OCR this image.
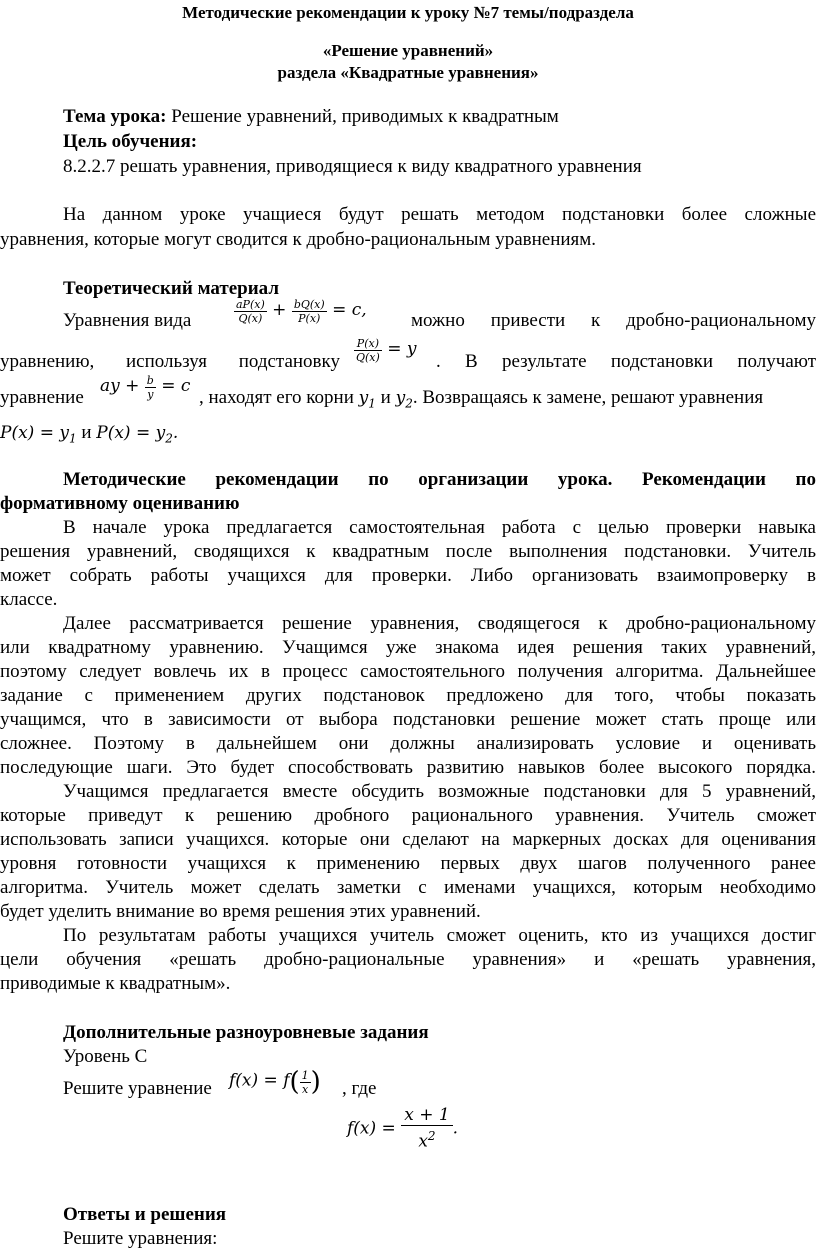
Методические рекомендации к уроку №7 темы/подраздела
«Решение уравнений»
раздела «Квадратные уравнения»
Тема урока: Решение уравнений, приводимых к квадратным
Цель обучения:
8.2.2.7 решать уравнения, приводящиеся к виду квадратного уравнения
На данном уроке учащиеся будут решать методом подстановки более сложные
уравнения, которые могут сводится к дробно-рациональным уравнениям.
Теоретический материал
Уравнения вида	$\frac{aP(x)}{Q(x)} + \frac{bQ(x)}{P(x)} = c$, можно привести к дробно-рациональному
уравнению, используя подстановку $\frac{P(x)}{Q(x)} = y$
. В результате подстановки получают
уравнение
ay + $\frac{b}{y} = c$
, находят его корни $y_1$ и $y_2$. Возвращаясь к замене, решают уравнения
$P(x) = y_1$ и $P(x) = y_2$.
Методические рекомендации по организации урока. Рекомендации по
формативному оцениванию
В начале урока предлагается самостоятельная работа с целью проверки навыка
решения уравнений, сводящихся к квадратным после выполнения подстановки. Учитель
может собрать работы учащихся для проверки. Либо организовать взаимопроверку в
классе.
Далее рассматривается решение уравнения, сводящегося к дробно-рациональному
или квадратному уравнению. Учащимся уже знакома идея решения таких уравнений,
поэтому следует вовлечь их в процесс самостоятельного получения алгоритма. Дальнейшее
задание с применением других подстановок предложено для того, чтобы показать
учащимся, что в зависимости от выбора подстановки решение может стать проще или
сложнее. Поэтому в дальнейшем они должны анализировать условие и оценивать
последующие шаги. Это будет способствовать развитию навыков более высокого порядка.
Учащимся предлагается вместе обсудить возможные подстановки для 5 уравнений,
которые приведут к решению дробного рационального уравнения. Учитель сможет
использовать записи учащихся. которые они сделают на маркерных досках для оценивания
уровня готовности учащихся к применению первых двух шагов полученного ранее
алгоритма. Учитель может сделать заметки с именами учащихся, которым необходимо
будет уделить внимание во время решения этих уравнений.
По результатам работы учащихся учитель сможет оценить, кто из учащихся достиг
цели обучения «решать дробно-рациональные уравнения» и «решать уравнения,
приводимые к квадратным».
Дополнительные разноуровневые задания
Уровень С
Решите уравнение $f(x) = f( \frac{1}{x}$ ) , где
$f(x) = \frac{x + 1}{x^2}$ .
Ответы и решения
Решите уравнения:
